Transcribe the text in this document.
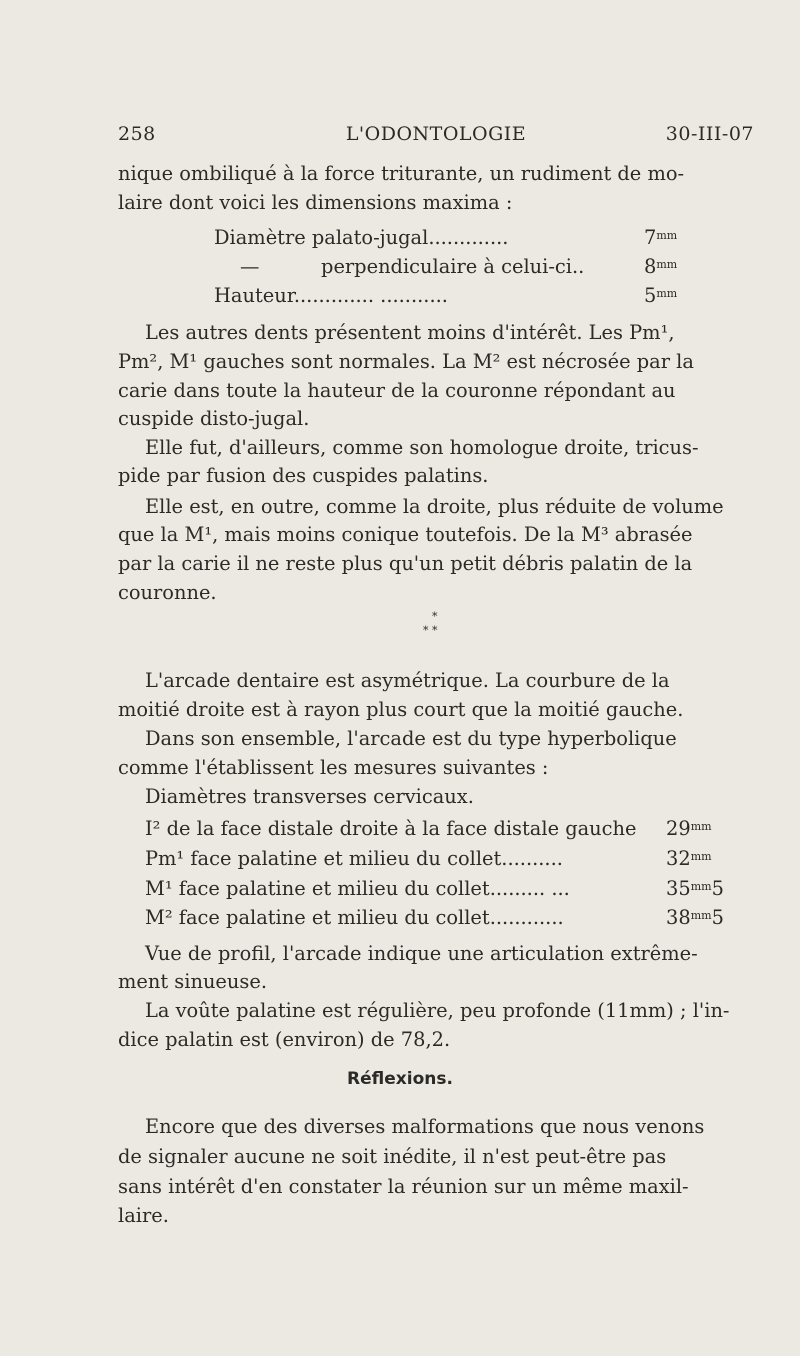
258	L'ODONTOLOGIE	30-III-07
nique ombiliqué à la force triturante, un rudiment de mo-
laire dont voici les dimensions maxima :
Diamètre palato-jugal.............	$7^{mm}$
—          perpendiculaire à celui-ci..	$8^{mm}$
Hauteur............. ...........	$5^{mm}$
Les autres dents présentent moins d'intérêt. Les Pm¹,
Pm², M¹ gauches sont normales. La M² est nécrosée par la
carie dans toute la hauteur de la couronne répondant au
cuspide disto-jugal.
Elle fut, d'ailleurs, comme son homologue droite, tricus-
pide par fusion des cuspides palatins.
Elle est, en outre, comme la droite, plus réduite de volume
que la M¹, mais moins conique toutefois. De la M³ abrasée
par la carie il ne reste plus qu'un petit débris palatin de la
couronne.
*
* *
L'arcade dentaire est asymétrique. La courbure de la
moitié droite est à rayon plus court que la moitié gauche.
Dans son ensemble, l'arcade est du type hyperbolique
comme l'établissent les mesures suivantes :
Diamètres transverses cervicaux.
I² de la face distale droite à la face distale gauche $29^{mm}$
Pm¹ face palatine et milieu du collet..........	$32^{mm}$
M¹ face palatine et milieu du collet......... ...	$35^{mm}5$
M² face palatine et milieu du collet............	$38^{mm}5$
Vue de profil, l'arcade indique une articulation extrême-
ment sinueuse.
La voûte palatine est régulière, peu profonde (11mm) ; l'in-
dice palatin est (environ) de 78,2.
Réflexions.
Encore que des diverses malformations que nous venons
de signaler aucune ne soit inédite, il n'est peut-être pas
sans intérêt d'en constater la réunion sur un même maxil-
laire.
